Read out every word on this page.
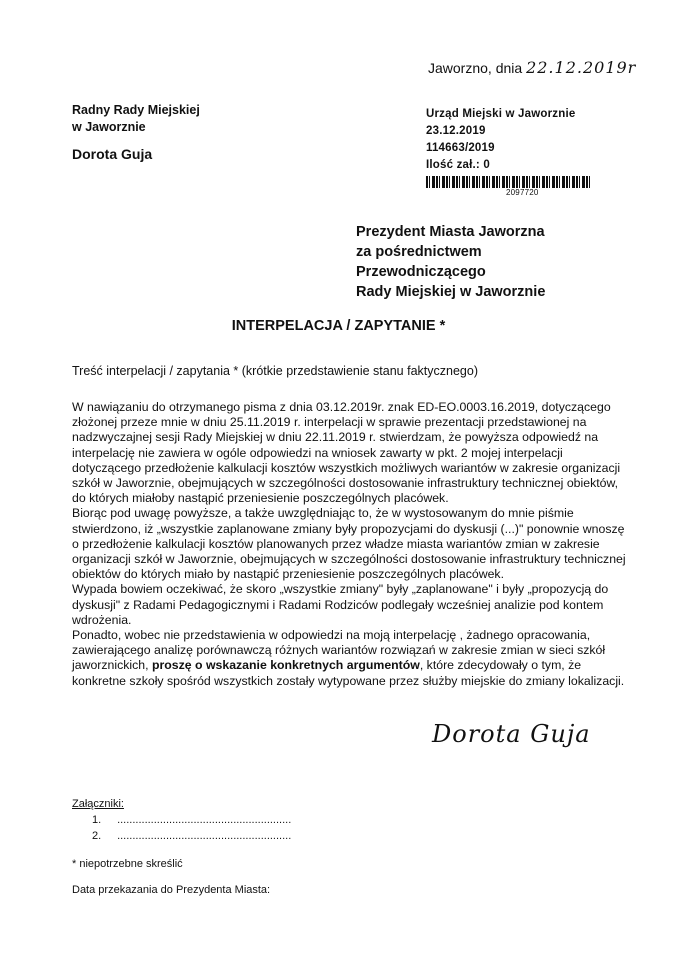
Jaworzno, dnia 22.12.2019r
Radny Rady Miejskiej
w Jaworznie
Dorota Guja
Urząd Miejski w Jaworznie
23.12.2019
114663/2019
Ilość zał.: 0
2097720
Prezydent Miasta Jaworzna
za pośrednictwem
Przewodniczącego
Rady Miejskiej w Jaworznie
INTERPELACJA / ZAPYTANIE *
Treść interpelacji / zapytania * (krótkie przedstawienie stanu faktycznego)

W nawiązaniu do otrzymanego pisma z dnia 03.12.2019r. znak ED-EO.0003.16.2019, dotyczącego złożonej przeze mnie w dniu 25.11.2019 r. interpelacji w sprawie prezentacji przedstawionej na nadzwyczajnej sesji Rady Miejskiej w dniu 22.11.2019 r. stwierdzam, że powyższa odpowiedź na interpelację nie zawiera w ogóle odpowiedzi na wniosek zawarty w pkt. 2 mojej interpelacji dotyczącego przedłożenie kalkulacji kosztów wszystkich możliwych wariantów w zakresie organizacji szkół w Jaworznie, obejmujących w szczególności dostosowanie infrastruktury technicznej obiektów, do których miałoby nastąpić przeniesienie poszczególnych placówek.

Biorąc pod uwagę powyższe, a także uwzględniając to, że w wystosowanym do mnie piśmie stwierdzono, iż „wszystkie zaplanowane zmiany były propozycjami do dyskusji (...)" ponownie wnoszę o przedłożenie kalkulacji kosztów planowanych przez władze miasta wariantów zmian w zakresie organizacji szkół w Jaworznie, obejmujących w szczególności dostosowanie infrastruktury technicznej obiektów do których miało by nastąpić przeniesienie poszczególnych placówek.

Wypada bowiem oczekiwać, że skoro „wszystkie zmiany" były „zaplanowane" i były „propozycją do dyskusji" z Radami Pedagogicznymi i Radami Rodziców podlegały wcześniej analizie pod kontem wdrożenia.

Ponadto, wobec nie przedstawienia w odpowiedzi na moją interpelację , żadnego opracowania, zawierającego analizę porównawczą różnych wariantów rozwiązań w zakresie zmian w sieci szkół jaworznickich, proszę o wskazanie konkretnych argumentów, które zdecydowały o tym, że konkretne szkoły spośród wszystkich zostały wytypowane przez służby miejskie do zmiany lokalizacji.

Dorota Guja
Załączniki:
1. .........................................................
2. .........................................................
* niepotrzebne skreślić
Data przekazania do Prezydenta Miasta:
